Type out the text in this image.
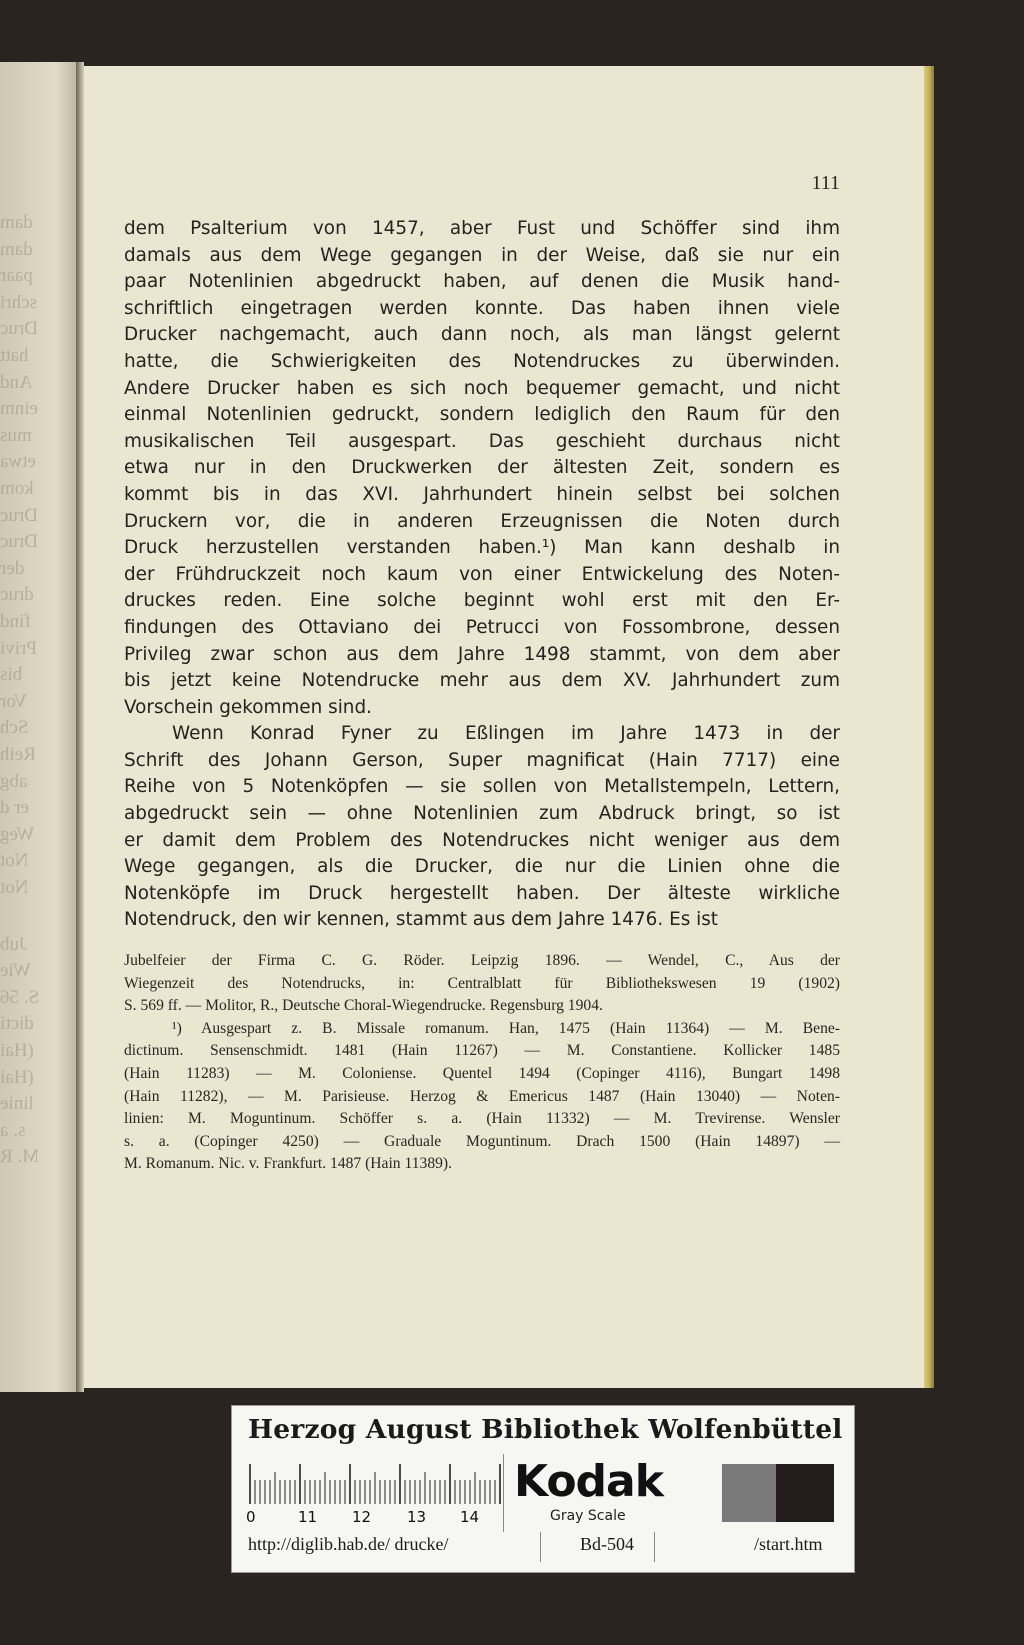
dam
dam
paar
schri
Druc
hatt
And
einm
mus
etwa
kom
Druc
Druc
der
druc
find
Privi
bis
Vor
Sch
Reih
abg
er d
Weg
Not
Not
Jub
Wie
S. 56
dicti
(Hai
(Hai
linie
s. a
M. R
111
dem Psalterium von 1457, aber Fust und Schöffer sind ihm
damals aus dem Wege gegangen in der Weise, daß sie nur ein
paar Notenlinien abgedruckt haben, auf denen die Musik hand-
schriftlich eingetragen werden konnte. Das haben ihnen viele
Drucker nachgemacht, auch dann noch, als man längst gelernt
hatte, die Schwierigkeiten des Notendruckes zu überwinden.
Andere Drucker haben es sich noch bequemer gemacht, und nicht
einmal Notenlinien gedruckt, sondern lediglich den Raum für den
musikalischen Teil ausgespart. Das geschieht durchaus nicht
etwa nur in den Druckwerken der ältesten Zeit, sondern es
kommt bis in das XVI. Jahrhundert hinein selbst bei solchen
Druckern vor, die in anderen Erzeugnissen die Noten durch
Druck herzustellen verstanden haben.¹) Man kann deshalb in
der Frühdruckzeit noch kaum von einer Entwickelung des Noten-
druckes reden. Eine solche beginnt wohl erst mit den Er-
findungen des Ottaviano dei Petrucci von Fossombrone, dessen
Privileg zwar schon aus dem Jahre 1498 stammt, von dem aber
bis jetzt keine Notendrucke mehr aus dem XV. Jahrhundert zum
Vorschein gekommen sind.
Wenn Konrad Fyner zu Eßlingen im Jahre 1473 in der
Schrift des Johann Gerson, Super magnificat (Hain 7717) eine
Reihe von 5 Notenköpfen — sie sollen von Metallstempeln, Lettern,
abgedruckt sein — ohne Notenlinien zum Abdruck bringt, so ist
er damit dem Problem des Notendruckes nicht weniger aus dem
Wege gegangen, als die Drucker, die nur die Linien ohne die
Notenköpfe im Druck hergestellt haben. Der älteste wirkliche
Notendruck, den wir kennen, stammt aus dem Jahre 1476. Es ist
Jubelfeier der Firma C. G. Röder. Leipzig 1896. — Wendel, C., Aus der
Wiegenzeit des Notendrucks, in: Centralblatt für Bibliothekswesen 19 (1902)
S. 569 ff. — Molitor, R., Deutsche Choral-Wiegendrucke. Regensburg 1904.
¹) Ausgespart z. B. Missale romanum. Han, 1475 (Hain 11364) — M. Bene-
dictinum. Sensenschmidt. 1481 (Hain 11267) — M. Constantiene. Kollicker 1485
(Hain 11283) — M. Coloniense. Quentel 1494 (Copinger 4116), Bungart 1498
(Hain 11282), — M. Parisieuse. Herzog & Emericus 1487 (Hain 13040) — Noten-
linien: M. Moguntinum. Schöffer s. a. (Hain 11332) — M. Trevirense. Wensler
s. a. (Copinger 4250) — Graduale Moguntinum. Drach 1500 (Hain 14897) —
M. Romanum. Nic. v. Frankfurt. 1487 (Hain 11389).
Herzog August Bibliothek Wolfenbüttel
0	11 12 13 14
Kodak
Gray Scale
http://diglib.hab.de/ drucke/	Bd-504	/start.htm
